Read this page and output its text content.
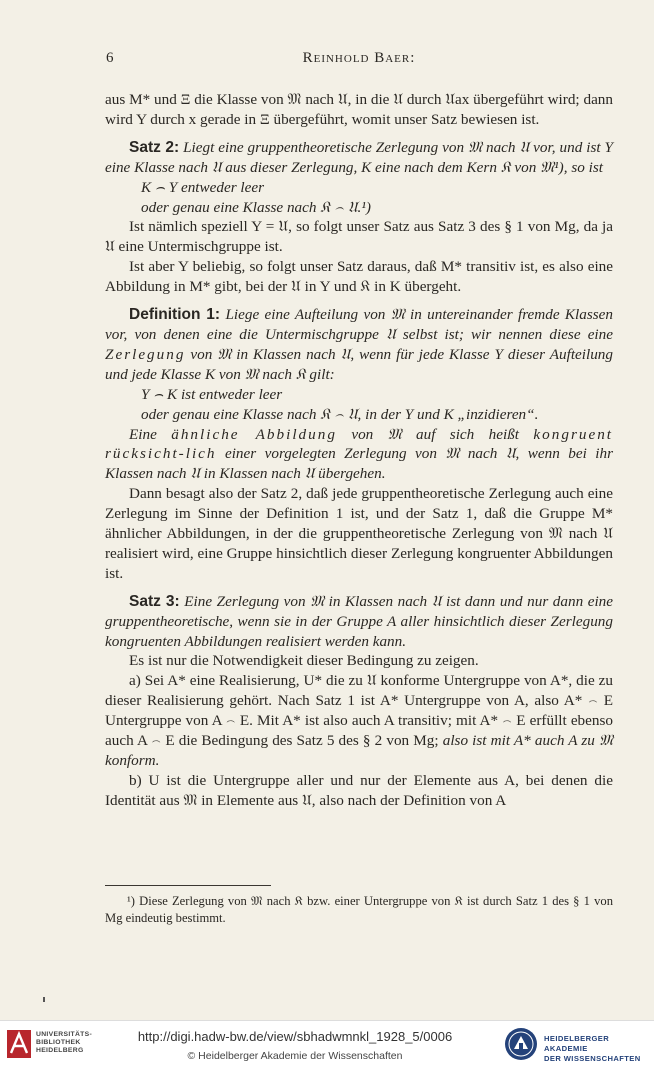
6	Reinhold Baer:

aus M* und Ξ die Klasse von 𝔐 nach 𝔘, in die 𝔘 durch 𝔘ax übergeführt wird; dann wird Y durch x gerade in Ξ übergeführt, womit unser Satz bewiesen ist.

Satz 2: Liegt eine gruppentheoretische Zerlegung von 𝔐 nach 𝔘 vor, und ist Y eine Klasse nach 𝔘 aus dieser Zerlegung, K eine nach dem Kern 𝔎 von 𝔐¹), so ist

K ⌢ Y entweder leer

oder genau eine Klasse nach 𝔎 ⌢ 𝔘.¹)

Ist nämlich speziell Y = 𝔘, so folgt unser Satz aus Satz 3 des § 1 von Mg, da ja 𝔘 eine Untermischgruppe ist.

Ist aber Y beliebig, so folgt unser Satz daraus, daß M* transitiv ist, es also eine Abbildung in M* gibt, bei der 𝔘 in Y und 𝔎 in K übergeht.

Definition 1: Liege eine Aufteilung von 𝔐 in untereinander fremde Klassen vor, von denen eine die Untermischgruppe 𝔘 selbst ist; wir nennen diese eine Zerlegung von 𝔐 in Klassen nach 𝔘, wenn für jede Klasse Y dieser Aufteilung und jede Klasse K von 𝔐 nach 𝔎 gilt:

Y ⌢ K ist entweder leer

oder genau eine Klasse nach 𝔎 ⌢ 𝔘, in der Y und K „inzidieren“.

Eine ähnliche Abbildung von 𝔐 auf sich heißt kongruent rücksicht-lich einer vorgelegten Zerlegung von 𝔐 nach 𝔘, wenn bei ihr Klassen nach 𝔘 in Klassen nach 𝔘 übergehen.

Dann besagt also der Satz 2, daß jede gruppentheoretische Zerlegung auch eine Zerlegung im Sinne der Definition 1 ist, und der Satz 1, daß die Gruppe M* ähnlicher Abbildungen, in der die gruppentheoretische Zerlegung von 𝔐 nach 𝔘 realisiert wird, eine Gruppe hinsichtlich dieser Zerlegung kongruenter Abbildungen ist.

Satz 3: Eine Zerlegung von 𝔐 in Klassen nach 𝔘 ist dann und nur dann eine gruppentheoretische, wenn sie in der Gruppe A aller hinsichtlich dieser Zerlegung kongruenten Abbildungen realisiert werden kann.

Es ist nur die Notwendigkeit dieser Bedingung zu zeigen.

a) Sei A* eine Realisierung, U* die zu 𝔘 konforme Untergruppe von A*, die zu dieser Realisierung gehört. Nach Satz 1 ist A* Untergruppe von A, also A* ⌢ E Untergruppe von A ⌢ E. Mit A* ist also auch A transitiv; mit A* ⌢ E erfüllt ebenso auch A ⌢ E die Bedingung des Satz 5 des § 2 von Mg; also ist mit A* auch A zu 𝔐 konform.

b) U ist die Untergruppe aller und nur der Elemente aus A, bei denen die Identität aus 𝔐 in Elemente aus 𝔘, also nach der Definition von A

¹) Diese Zerlegung von 𝔐 nach 𝔎 bzw. einer Untergruppe von 𝔎 ist durch Satz 1 des § 1 von Mg eindeutig bestimmt.

UNIVERSITÄTS-
BIBLIOTHEK
HEIDELBERG
http://digi.hadw-bw.de/view/sbhadwmnkl_1928_5/0006
© Heidelberger Akademie der Wissenschaften
HEIDELBERGER AKADEMIE
DER WISSENSCHAFTEN
